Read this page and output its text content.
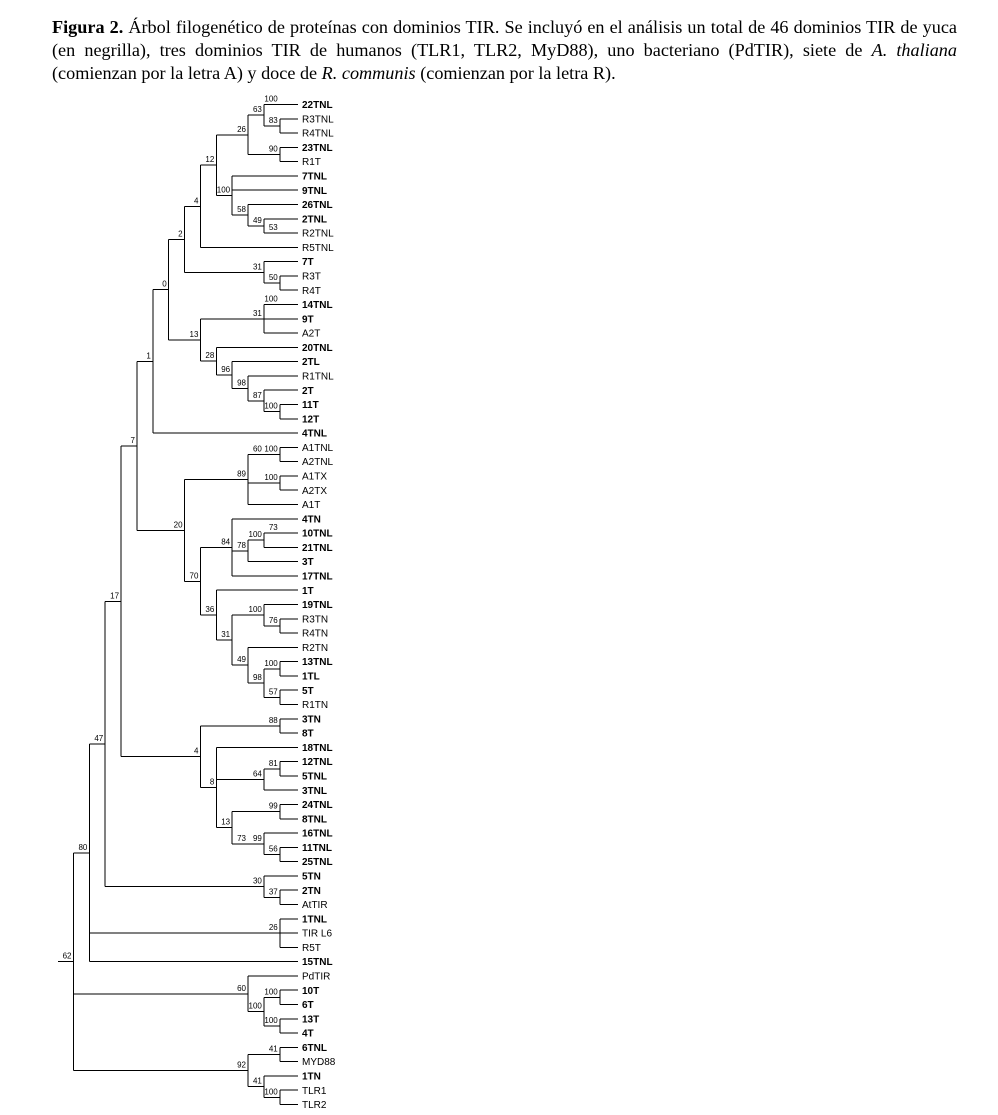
Figura 2. Árbol filogenético de proteínas con dominios TIR. Se incluyó en el análisis un total de 46 dominios TIR de yuca (en negrilla), tres dominios TIR de humanos (TLR1, TLR2, MyD88), uno bacteriano (PdTIR), siete de A. thaliana (comienzan por la letra A) y doce de R. communis (comienzan por la letra R).
22TNL
100
R3TNL
R4TNL
83
63
23TNL
R1T
90
26
7TNL
9TNL
26TNL
2TNL
R2TNL
53
49
58
100
12
R5TNL
4
7T
R3T
R4T
50
31
2
14TNL
100
9T
A2T
31
20TNL
2TL
R1TNL
2T
11T
12T
100
87
98
96
28
13
0
4TNL
1
A1TNL
A2TNL
100
60
A1TX
A2TX
100
A1T
89
4TN
10TNL
73
21TNL
100
3T
78
17TNL
84
1T
19TNL
R3TN
R4TN
76
100
R2TN
13TNL
1TL
100
5T
R1TN
57
98
49
31
36
70
20
7
3TN
8T
88
18TNL
12TNL
5TNL
81
3TNL
64
24TNL
8TNL
99
16TNL
11TNL
25TNL
56
99
73
13
8
4
17
5TN
2TN
AtTIR
37
30
47
1TNL
TIR L6
R5T
26
15TNL
80
PdTIR
10T
6T
100
13T
4T
100
100
60
6TNL
MYD88
41
1TN
TLR1
TLR2
100
41
92
62
